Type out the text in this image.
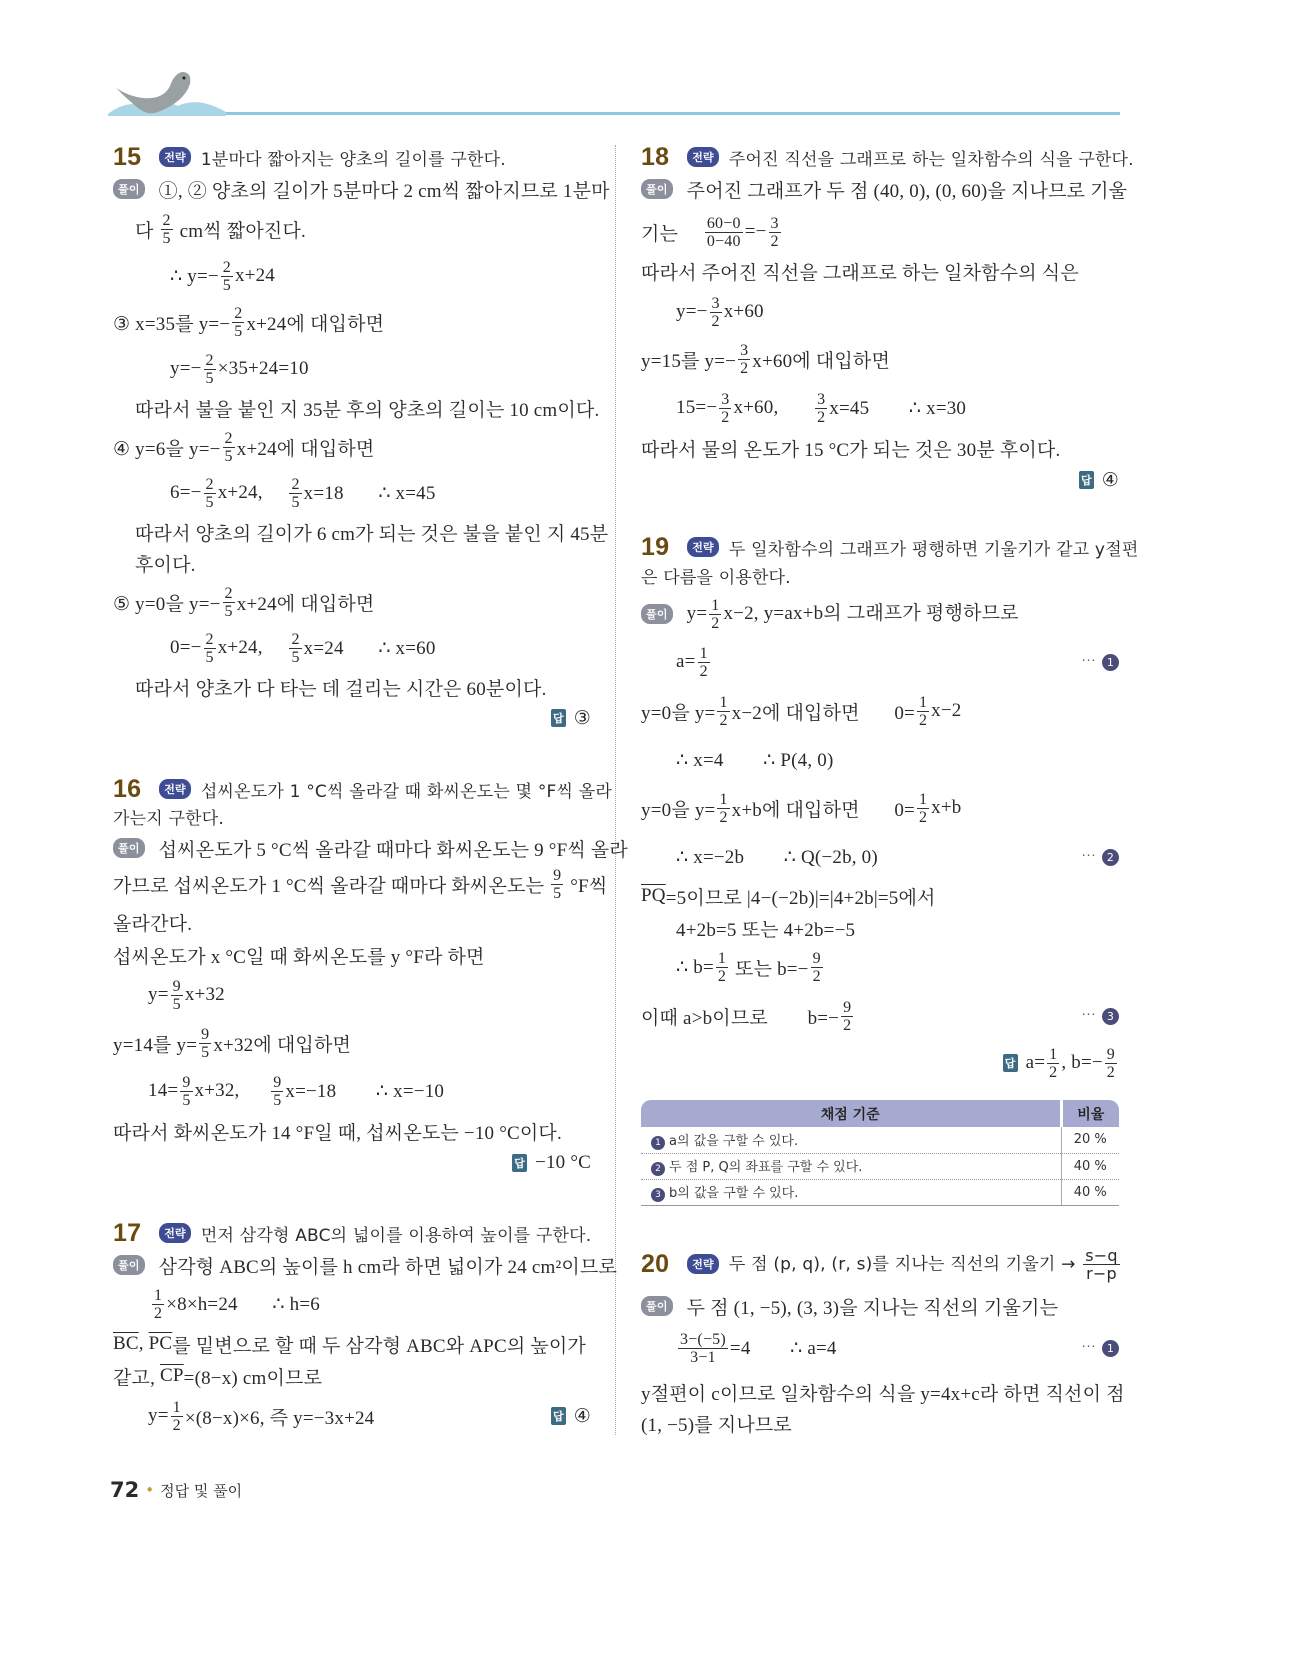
15	전략 1분마다 짧아지는 양초의 길이를 구한다.
풀이 ①, ② 양초의 길이가 5분마다 2 cm씩 짧아지므로 1분마
다 $\frac{2}{5}$ cm씩 짧아진다.
∴ $y=- \frac{2}{5} x+24$
③ x=35를 $y=- \frac{2}{5} x+24$에 대입하면
$y=- \frac{2}{5} \times 35+24=10$
따라서 불을 붙인 지 35분 후의 양초의 길이는 10 cm이다.
④ y=6을 $y=- \frac{2}{5} x+24$에 대입하면
$6=- \frac{2}{5} x+24$, $\frac{2}{5} x=18$       ∴ x=45
따라서 양초의 길이가 6 cm가 되는 것은 불을 붙인 지 45분
후이다.
⑤ y=0을 $y=- \frac{2}{5} x+24$에 대입하면
$0=- \frac{2}{5} x+24$, $\frac{2}{5} x=24$       ∴ x=60
따라서 양초가 다 타는 데 걸리는 시간은 60분이다.
답 ③
16	전략 섭씨온도가 1 °C씩 올라갈 때 화씨온도는 몇 °F씩 올라
가는지 구한다.
풀이 섭씨온도가 5 °C씩 올라갈 때마다 화씨온도는 9 °F씩 올라
가므로 섭씨온도가 1 °C씩 올라갈 때마다 화씨온도는 $\frac{9}{5} ^\circ F$씩
올라간다.
섭씨온도가 x °C일 때 화씨온도를 y °F라 하면
$y= \frac{9}{5} x+32$
y=14를 $y= \frac{9}{5} x+32$에 대입하면
$14= \frac{9}{5} x+32$, $\frac{9}{5} x=-18$        ∴ x=−10
따라서 화씨온도가 14 °F일 때, 섭씨온도는 −10 °C이다.
답 −10 °C
17	전략 먼저 삼각형 ABC의 넓이를 이용하여 높이를 구한다.
풀이 삼각형 ABC의 높이를 h cm라 하면 넓이가 24 cm²이므로
$\frac{1}{2} \times 8\times h=24$       ∴ h=6
$\overline{BC}$ , $\overline{PC}$ 를 밑변으로 할 때 두 삼각형 ABC와 APC의 높이가
같고, $\overline{CP} =(8-x)$ cm이므로
$y= \frac{1}{2} \times(8-x)\times 6$, 즉 y=−3x+24	답 ④
18	전략 주어진 직선을 그래프로 하는 일차함수의 식을 구한다.
풀이 주어진 그래프가 두 점 (40, 0), (0, 60)을 지나므로 기울
기는 $\frac{60-0}{0-40} =- \frac{3}{2}$
따라서 주어진 직선을 그래프로 하는 일차함수의 식은
$y=- \frac{3}{2} x+60$
y=15를 $y=- \frac{3}{2} x+60$에 대입하면
$15=- \frac{3}{2} x+60$, $\frac{3}{2} x=45$        ∴ x=30
따라서 물의 온도가 15 °C가 되는 것은 30분 후이다.
답 ④
19	전략 두 일차함수의 그래프가 평행하면 기울기가 같고 y절편
은 다름을 이용한다.
풀이 $y= \frac{1}{2} x-2$, y=ax+b의 그래프가 평행하므로
$a= \frac{1}{2}$	··· 1
y=0을 $y= \frac{1}{2} x-2$에 대입하면       $0= \frac{1}{2} x-2$
∴ x=4        ∴ P(4, 0)
y=0을 $y= \frac{1}{2} x+b$에 대입하면       $0= \frac{1}{2} x+b$
∴ x=−2b        ∴ Q(−2b, 0)	··· 2
$\overline{PQ} =5$이므로 |4−(−2b)|=|4+2b|=5에서
4+2b=5 또는 4+2b=−5
∴ $b= \frac{1}{2}$ 또는 $b=- \frac{9}{2}$
이때 a>b이므로        $b=- \frac{9}{2}$	··· 3
답 $a= \frac{1}{2}$ , $b=- \frac{9}{2}$
채점 기준	비율
1 a의 값을 구할 수 있다.	20 %
2 두 점 P, Q의 좌표를 구할 수 있다.	40 %
3 b의 값을 구할 수 있다.	40 %
20	전략 두 점 (p, q), (r, s)를 지나는 직선의 기울기 → $\frac{s-q}{r-p}$
풀이 두 점 (1, −5), (3, 3)을 지나는 직선의 기울기는
$\frac{3-(-5)}{3-1} =4$        ∴ a=4	··· 1
y절편이 c이므로 일차함수의 식을 y=4x+c라 하면 직선이 점
(1, −5)를 지나므로
72 • 정답 및 풀이
